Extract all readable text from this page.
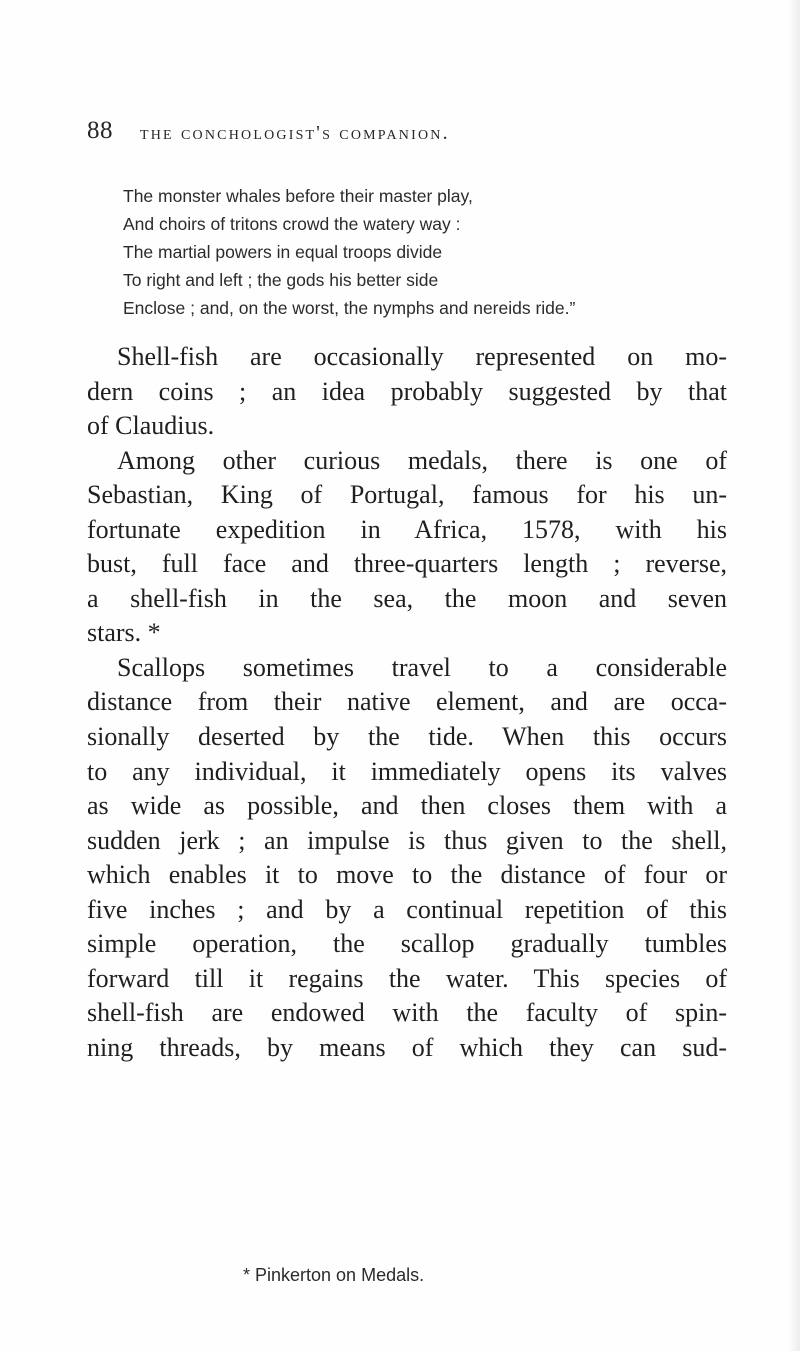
88 the conchologist's companion.
The monster whales before their master play,
And choirs of tritons crowd the watery way :
The martial powers in equal troops divide
To right and left ; the gods his better side
Enclose ; and, on the worst, the nymphs and nereids ride.”
Shell-fish are occasionally represented on mo-
dern coins ; an idea probably suggested by that
of Claudius.
Among other curious medals, there is one of
Sebastian, King of Portugal, famous for his un-
fortunate expedition in Africa, 1578, with his
bust, full face and three-quarters length ; reverse,
a shell-fish in the sea, the moon and seven
stars. *
Scallops sometimes travel to a considerable
distance from their native element, and are occa-
sionally deserted by the tide. When this occurs
to any individual, it immediately opens its valves
as wide as possible, and then closes them with a
sudden jerk ; an impulse is thus given to the shell,
which enables it to move to the distance of four or
five inches ; and by a continual repetition of this
simple operation, the scallop gradually tumbles
forward till it regains the water. This species of
shell-fish are endowed with the faculty of spin-
ning threads, by means of which they can sud-
* Pinkerton on Medals.
